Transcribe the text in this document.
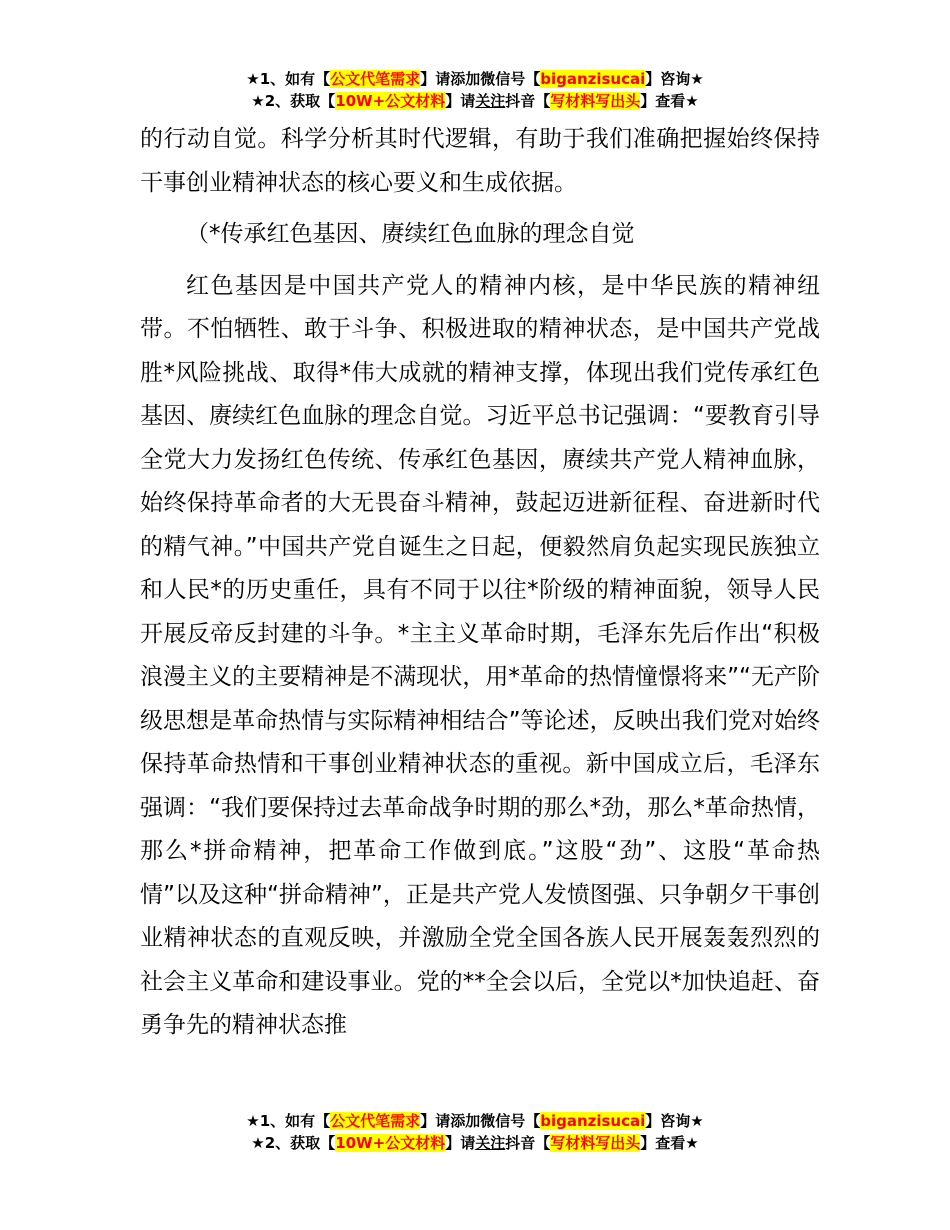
★1、如有【公文代笔需求】请添加微信号【biganzisucai】咨询★
★2、获取【10W+公文材料】请关注抖音【写材料写出头】查看★

的行动自觉。科学分析其时代逻辑，有助于我们准确把握始终保持干事创业精神状态的核心要义和生成依据。

（*传承红色基因、赓续红色血脉的理念自觉

红色基因是中国共产党人的精神内核，是中华民族的精神纽带。不怕牺牲、敢于斗争、积极进取的精神状态，是中国共产党战胜*风险挑战、取得*伟大成就的精神支撑，体现出我们党传承红色基因、赓续红色血脉的理念自觉。习近平总书记强调：“要教育引导全党大力发扬红色传统、传承红色基因，赓续共产党人精神血脉，始终保持革命者的大无畏奋斗精神，鼓起迈进新征程、奋进新时代的精气神。”中国共产党自诞生之日起，便毅然肩负起实现民族独立和人民*的历史重任，具有不同于以往*阶级的精神面貌，领导人民开展反帝反封建的斗争。*主主义革命时期，毛泽东先后作出“积极浪漫主义的主要精神是不满现状，用*革命的热情憧憬将来”“无产阶级思想是革命热情与实际精神相结合”等论述，反映出我们党对始终保持革命热情和干事创业精神状态的重视。新中国成立后，毛泽东强调：“我们要保持过去革命战争时期的那么*劲，那么*革命热情，那么*拼命精神，把革命工作做到底。”这股“劲”、这股“革命热情”以及这种“拼命精神”，正是共产党人发愤图强、只争朝夕干事创业精神状态的直观反映，并激励全党全国各族人民开展轰轰烈烈的社会主义革命和建设事业。党的**全会以后，全党以*加快追赶、奋勇争先的精神状态推

★1、如有【公文代笔需求】请添加微信号【biganzisucai】咨询★
★2、获取【10W+公文材料】请关注抖音【写材料写出头】查看★
